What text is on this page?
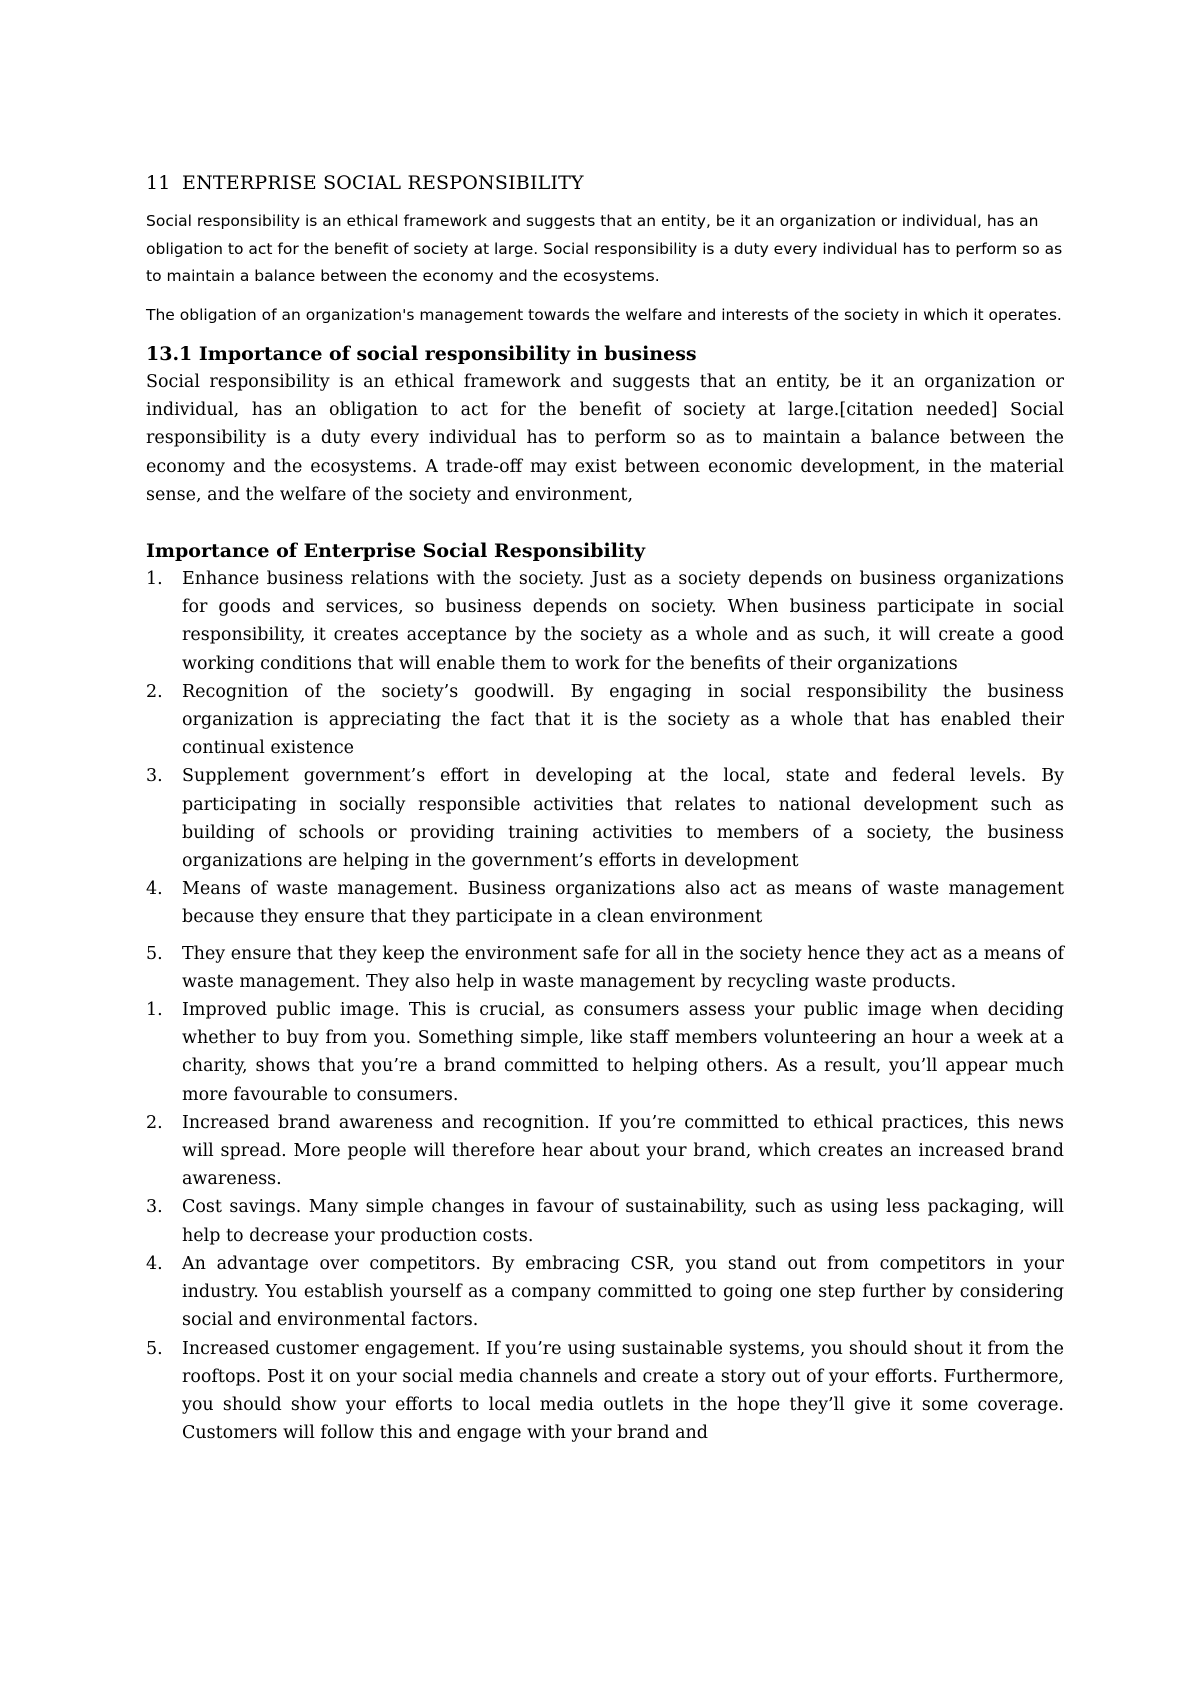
11 ENTERPRISE SOCIAL RESPONSIBILITY

Social responsibility is an ethical framework and suggests that an entity, be it an organization or individual, has an obligation to act for the benefit of society at large. Social responsibility is a duty every individual has to perform so as to maintain a balance between the economy and the ecosystems.

The obligation of an organization's management towards the welfare and interests of the society in which it operates.

13.1 Importance of social responsibility in business

Social responsibility is an ethical framework and suggests that an entity, be it an organization or individual, has an obligation to act for the benefit of society at large.[citation needed] Social responsibility is a duty every individual has to perform so as to maintain a balance between the economy and the ecosystems. A trade-off may exist between economic development, in the material sense, and the welfare of the society and environment,

Importance of Enterprise Social Responsibility
1. Enhance business relations with the society. Just as a society depends on business organizations for goods and services, so business depends on society. When business participate in social responsibility, it creates acceptance by the society as a whole and as such, it will create a good working conditions that will enable them to work for the benefits of their organizations
2. Recognition of the society’s goodwill. By engaging in social responsibility the business organization is appreciating the fact that it is the society as a whole that has enabled their continual existence
3. Supplement government’s effort in developing at the local, state and federal levels. By participating in socially responsible activities that relates to national development such as building of schools or providing training activities to members of a society, the business organizations are helping in the government’s efforts in development
4. Means of waste management. Business organizations also act as means of waste management because they ensure that they participate in a clean environment
5. They ensure that they keep the environment safe for all in the society hence they act as a means of waste management. They also help in waste management by recycling waste products.
1. Improved public image. This is crucial, as consumers assess your public image when deciding whether to buy from you. Something simple, like staff members volunteering an hour a week at a charity, shows that you’re a brand committed to helping others. As a result, you’ll appear much more favourable to consumers.
2. Increased brand awareness and recognition. If you’re committed to ethical practices, this news will spread. More people will therefore hear about your brand, which creates an increased brand awareness.
3. Cost savings. Many simple changes in favour of sustainability, such as using less packaging, will help to decrease your production costs.
4. An advantage over competitors. By embracing CSR, you stand out from competitors in your industry. You establish yourself as a company committed to going one step further by considering social and environmental factors.
5. Increased customer engagement. If you’re using sustainable systems, you should shout it from the rooftops. Post it on your social media channels and create a story out of your efforts. Furthermore, you should show your efforts to local media outlets in the hope they’ll give it some coverage. Customers will follow this and engage with your brand and
